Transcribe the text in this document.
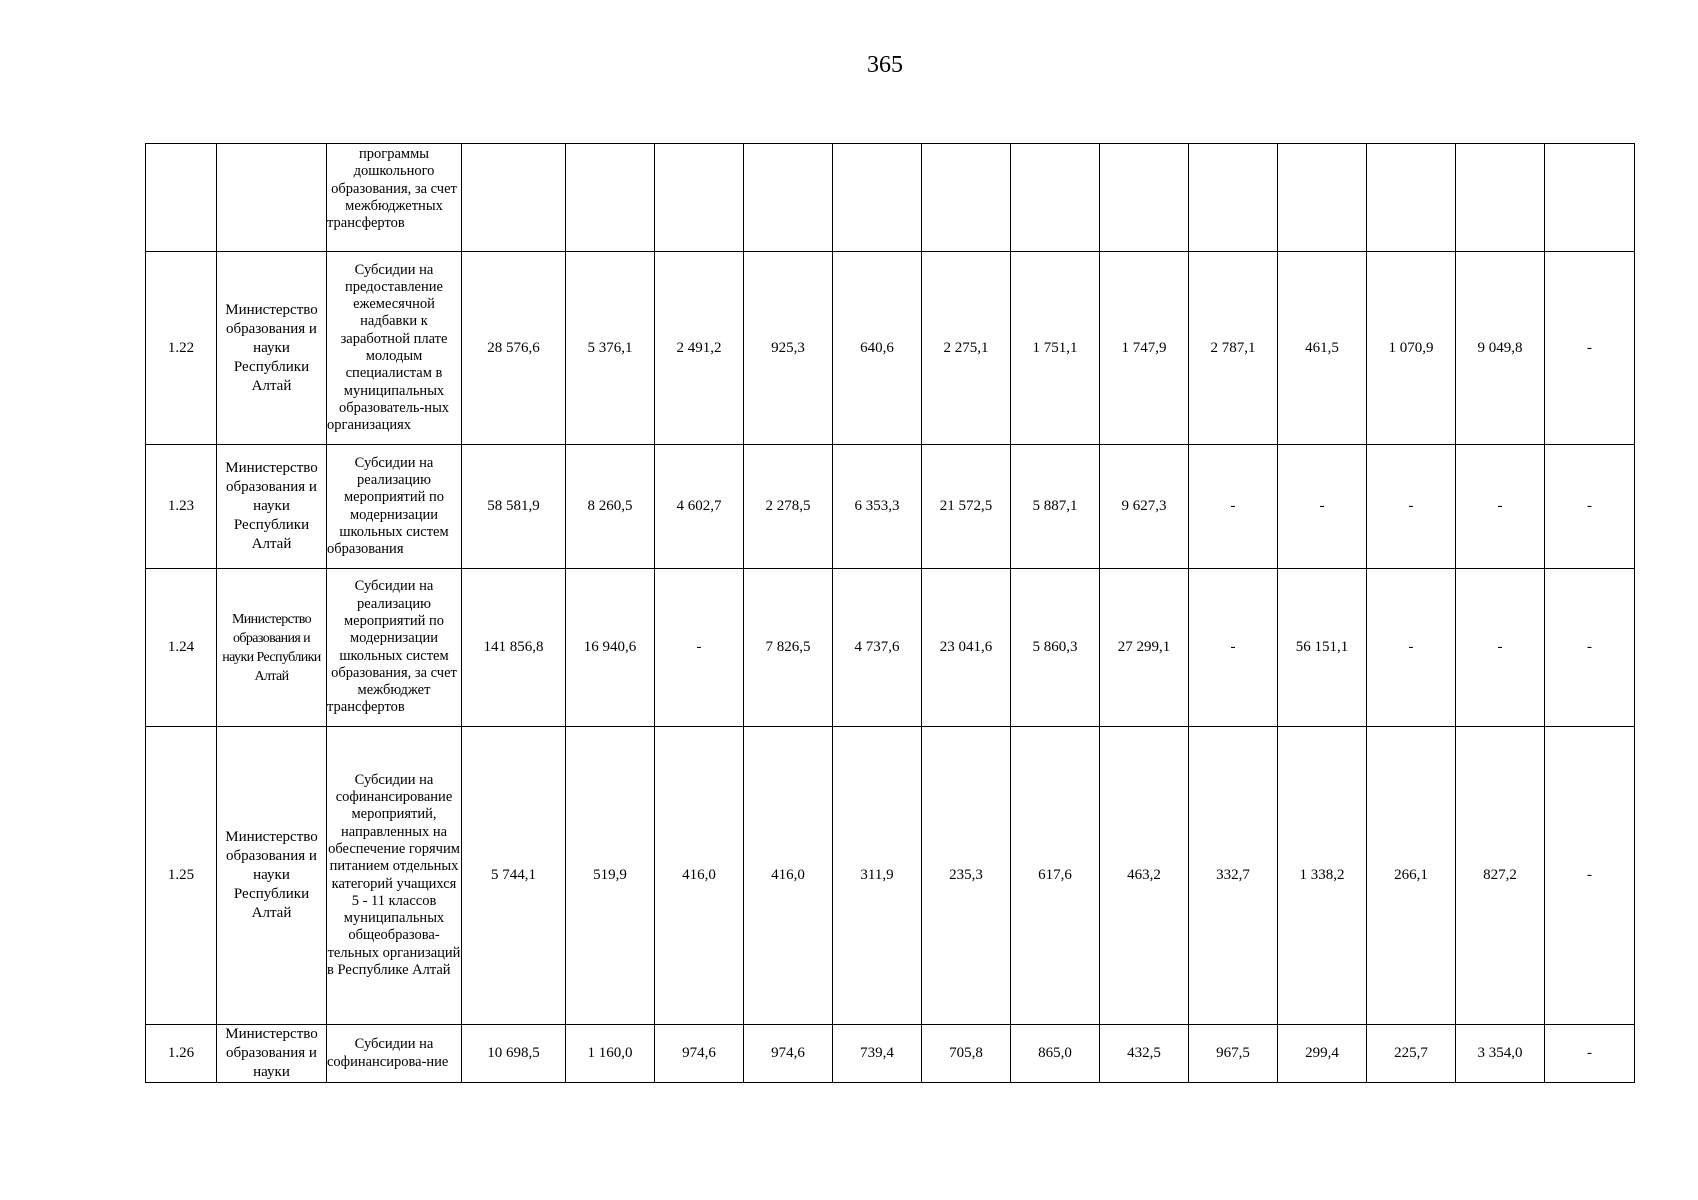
365
		программы дошкольного образования, за счет межбюджетных трансфертов													
1.22	Министерство образования и науки Республики Алтай	Субсидии на предоставление ежемесячной надбавки к заработной плате молодым специалистам в муниципальных образователь-ных организациях	28 576,6	5 376,1	2 491,2	925,3	640,6	2 275,1	1 751,1	1 747,9	2 787,1	461,5	1 070,9	9 049,8	-
1.23	Министерство образования и науки Республики Алтай	Субсидии на реализацию мероприятий по модернизации школьных систем образования	58 581,9	8 260,5	4 602,7	2 278,5	6 353,3	21 572,5	5 887,1	9 627,3	-	-	-	-	-
1.24	Министерство образования и науки Республики Алтай	Субсидии на реализацию мероприятий по модернизации школьных систем образования, за счет межбюджет трансфертов	141 856,8	16 940,6	-	7 826,5	4 737,6	23 041,6	5 860,3	27 299,1	-	56 151,1	-	-	-
1.25	Министерство образования и науки Республики Алтай	Субсидии на софинансирование мероприятий, направленных на обеспечение горячим питанием отдельных категорий учащихся 5 - 11 классов муниципальных общеобразова-тельных организаций в Республике Алтай	5 744,1	519,9	416,0	416,0	311,9	235,3	617,6	463,2	332,7	1 338,2	266,1	827,2	-
1.26	Министерство образования и науки	Субсидии на софинансирова-ние	10 698,5	1 160,0	974,6	974,6	739,4	705,8	865,0	432,5	967,5	299,4	225,7	3 354,0	-
